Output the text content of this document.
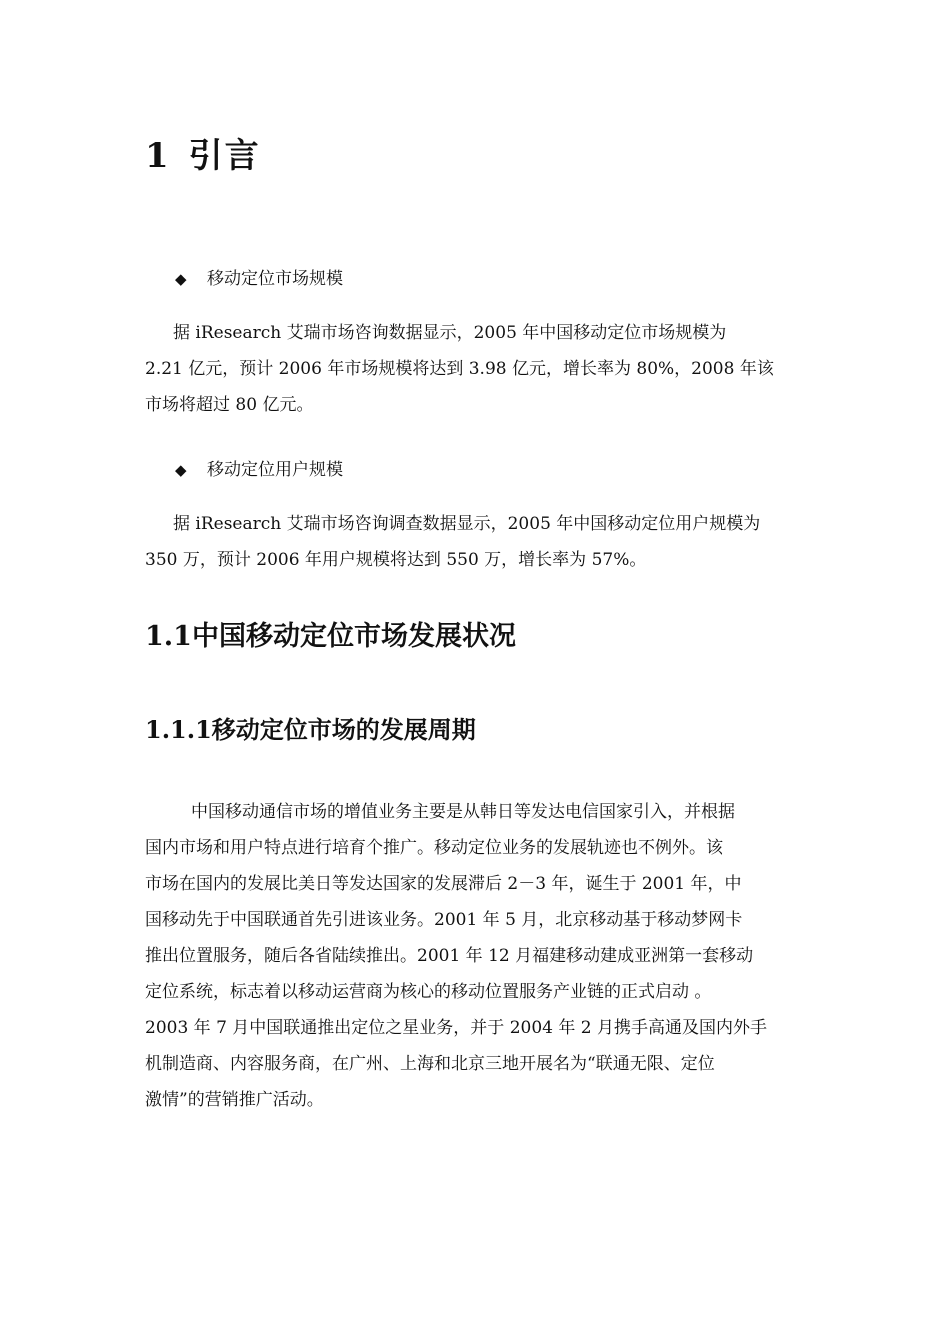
1 引言
◆ 移动定位市场规模

据 iResearch 艾瑞市场咨询数据显示，2005 年中国移动定位市场规模为

2.21 亿元，预计 2006 年市场规模将达到 3.98 亿元，增长率为 80%，2008 年该

市场将超过 80 亿元。

◆ 移动定位用户规模

据 iResearch 艾瑞市场咨询调查数据显示，2005 年中国移动定位用户规模为

350 万，预计 2006 年用户规模将达到 550 万，增长率为 57%。

1.1中国移动定位市场发展状况
1.1.1移动定位市场的发展周期

中国移动通信市场的增值业务主要是从韩日等发达电信国家引入，并根据

国内市场和用户特点进行培育个推广。移动定位业务的发展轨迹也不例外。该

市场在国内的发展比美日等发达国家的发展滞后 2－3 年，诞生于 2001 年，中

国移动先于中国联通首先引进该业务。2001 年 5 月，北京移动基于移动梦网卡

推出位置服务，随后各省陆续推出。2001 年 12 月福建移动建成亚洲第一套移动

定位系统，标志着以移动运营商为核心的移动位置服务产业链的正式启动 。

2003 年 7 月中国联通推出定位之星业务，并于 2004 年 2 月携手高通及国内外手

机制造商、内容服务商，在广州、上海和北京三地开展名为“联通无限、定位

激情”的营销推广活动。
